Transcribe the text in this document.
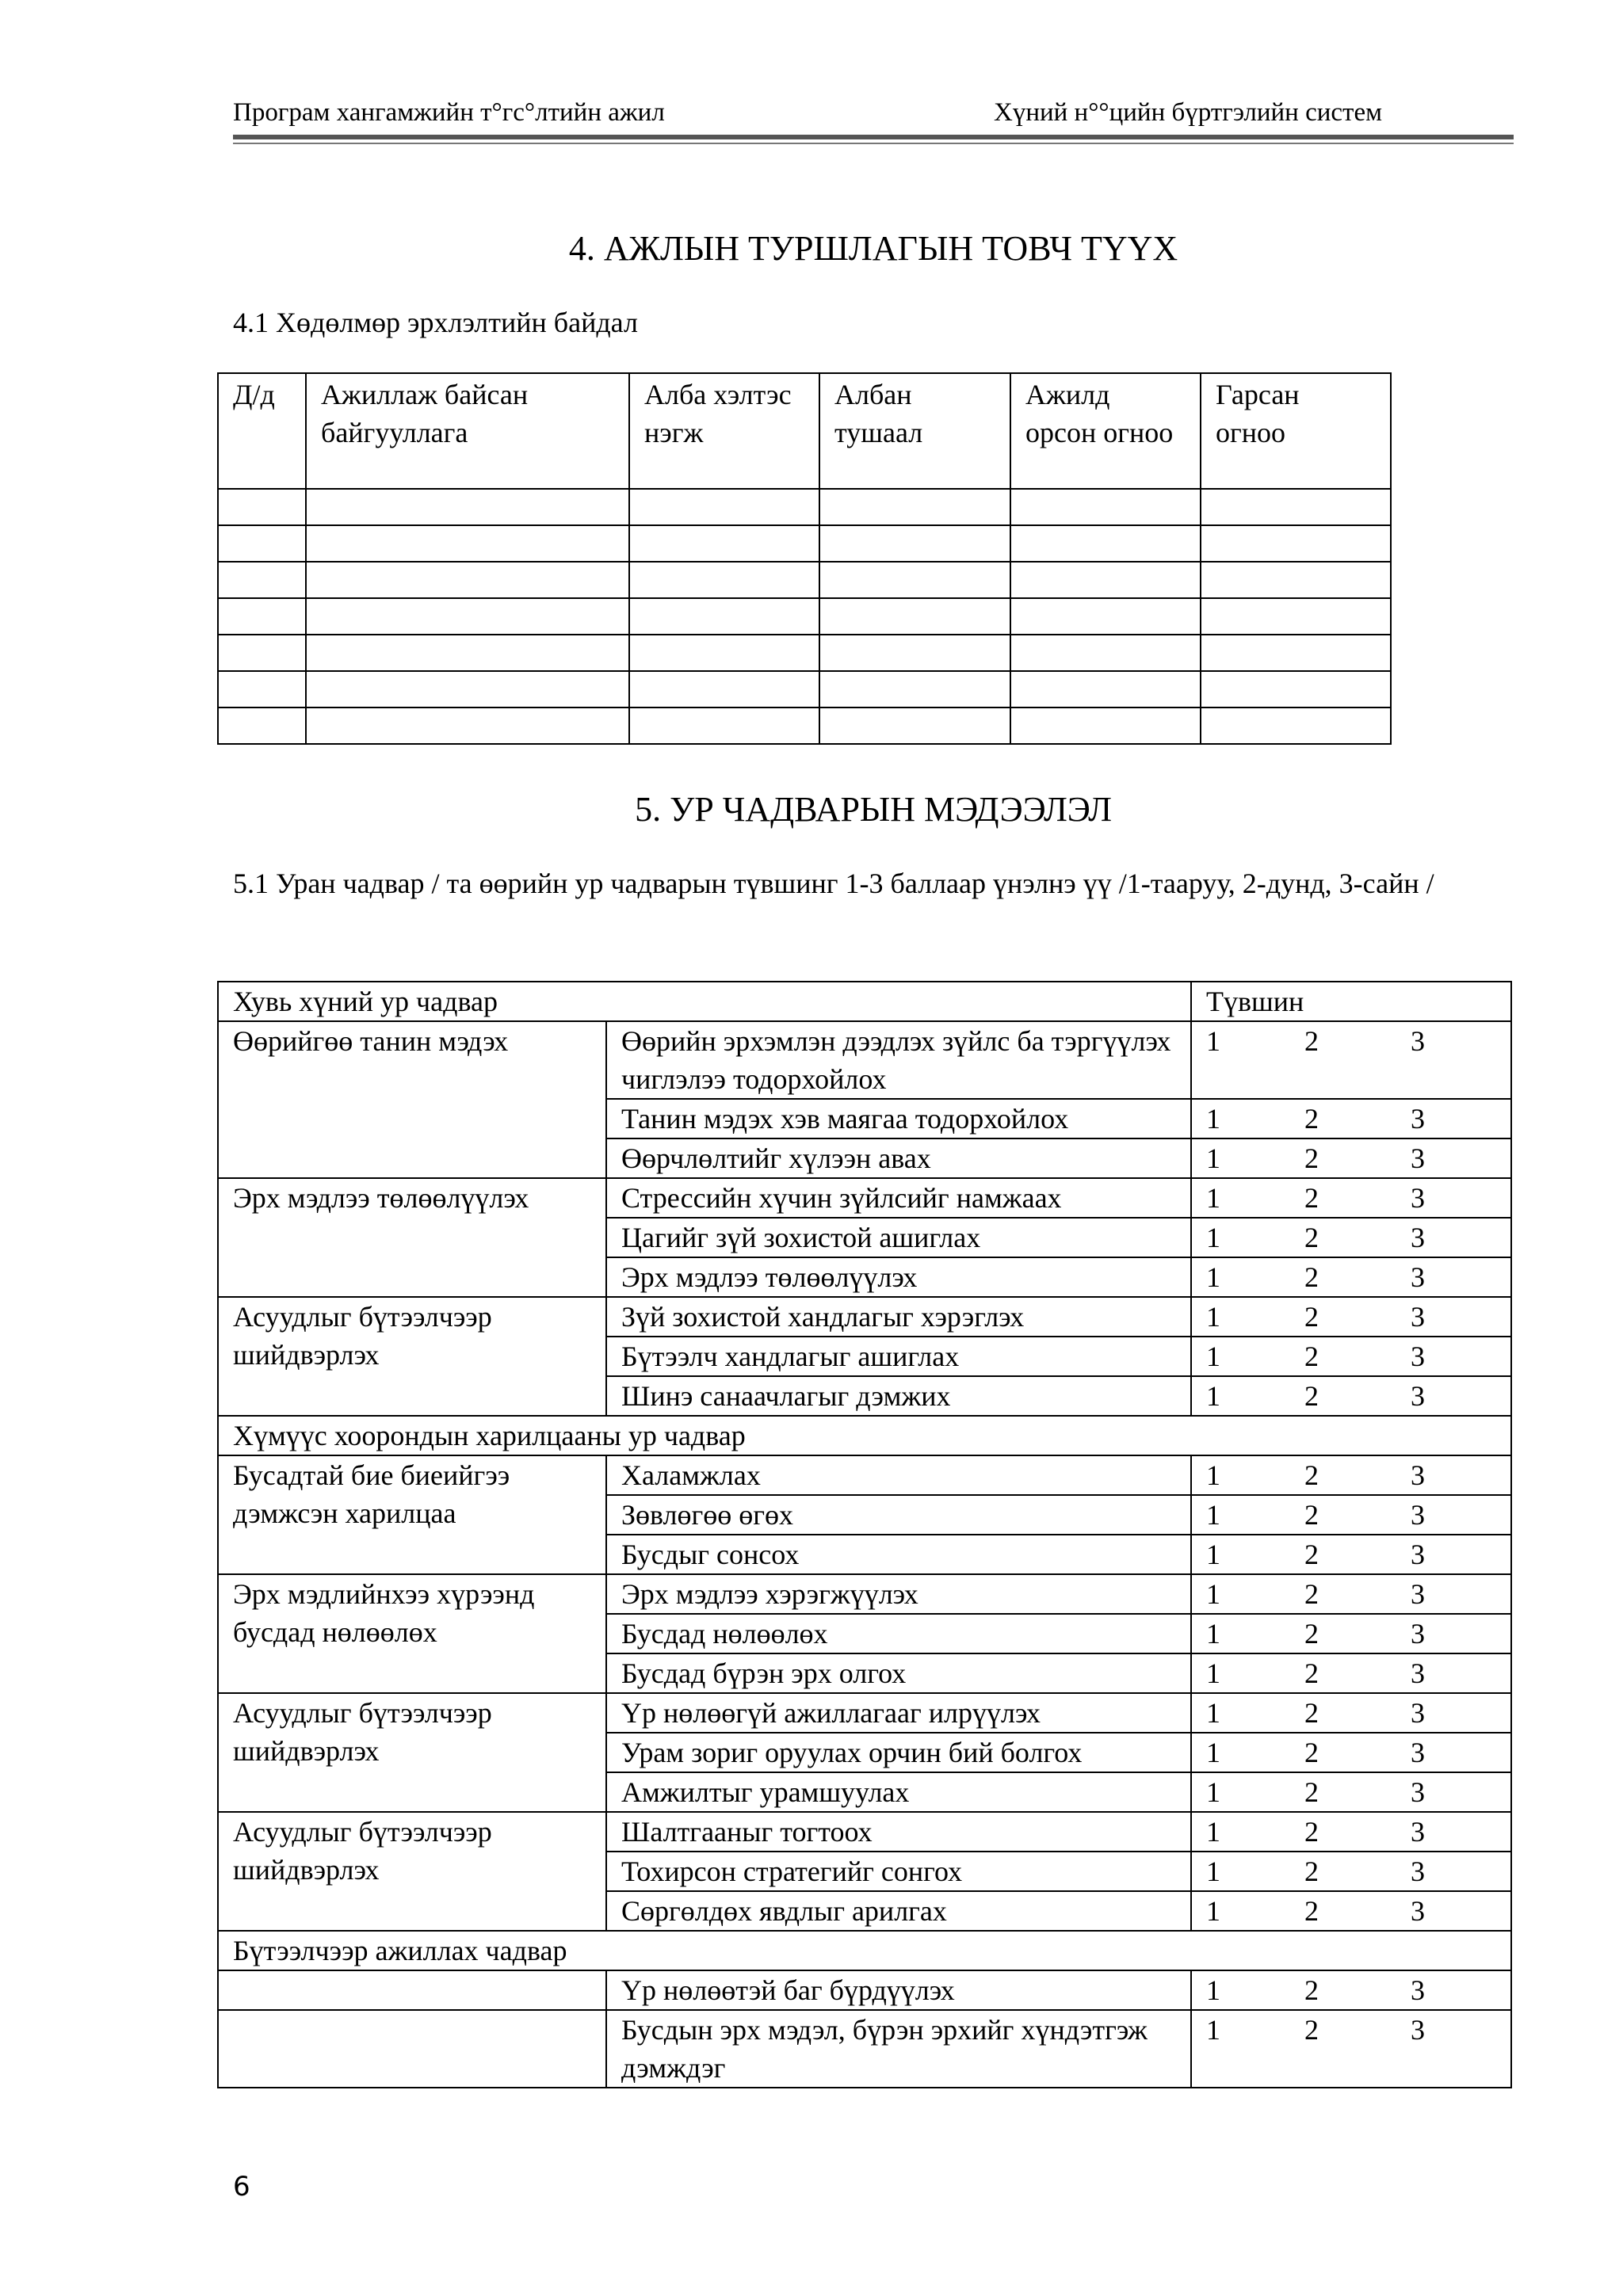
Програм хангамжийн т°гс°лтийн ажил	Хүний н°°цийн бүртгэлийн систем
4. АЖЛЫН ТУРШЛАГЫН ТОВЧ ТҮҮХ
4.1 Хөдөлмөр эрхлэлтийн байдал
Д/д	Ажиллаж байсан байгууллага	Алба хэлтэс нэгж	Албан тушаал	Ажилд орсон огноо	Гарсан огноо

5. УР ЧАДВАРЫН МЭДЭЭЛЭЛ
5.1 Уран чадвар / та өөрийн ур чадварын түвшинг 1-3 баллаар үнэлнэ үү /1-тааруу, 2-дунд, 3-сайн /
Хувь хүний ур чадвар		Түвшин
Өөрийгөө танин мэдэх	Өөрийн эрхэмлэн дээдлэх зүйлс ба тэргүүлэх чиглэлээ тодорхойлох	1 2 3

	Танин мэдэх хэв маягаа тодорхойлох	1 2 3

	Өөрчлөлтийг хүлээн авах	1 2 3

Эрх мэдлээ төлөөлүүлэх	Стрессийн хүчин зүйлсийг намжаах	1 2 3

	Цагийг зүй зохистой ашиглах	1 2 3

	Эрх мэдлээ төлөөлүүлэх	1 2 3

Асуудлыг бүтээлчээр шийдвэрлэх	Зүй зохистой хандлагыг хэрэглэх	1 2 3

	Бүтээлч хандлагыг ашиглах	1 2 3

	Шинэ санаачлагыг дэмжих	1 2 3

Хүмүүс хоорондын харилцааны ур чадвар		
Бусадтай бие биеийгээ дэмжсэн харилцаа	Халамжлах	1 2 3

	Зөвлөгөө өгөх	1 2 3

	Бусдыг сонсох	1 2 3

Эрх мэдлийнхээ хүрээнд бусдад нөлөөлөх	Эрх мэдлээ хэрэгжүүлэх	1 2 3

	Бусдад нөлөөлөх	1 2 3

	Бусдад бүрэн эрх олгох	1 2 3

Асуудлыг бүтээлчээр шийдвэрлэх	Үр нөлөөгүй ажиллагааг илрүүлэх	1 2 3

	Урам зориг оруулах орчин бий болгох	1 2 3

	Амжилтыг урамшуулах	1 2 3

Асуудлыг бүтээлчээр шийдвэрлэх	Шалтгааныг тогтоох	1 2 3

	Тохирсон стратегийг сонгох	1 2 3

	Сөргөлдөх явдлыг арилгах	1 2 3

Бүтээлчээр ажиллах чадвар		
	Үр нөлөөтэй баг бүрдүүлэх	1 2 3

	Бусдын эрх мэдэл, бүрэн эрхийг хүндэтгэж дэмждэг	1 2 3
6
